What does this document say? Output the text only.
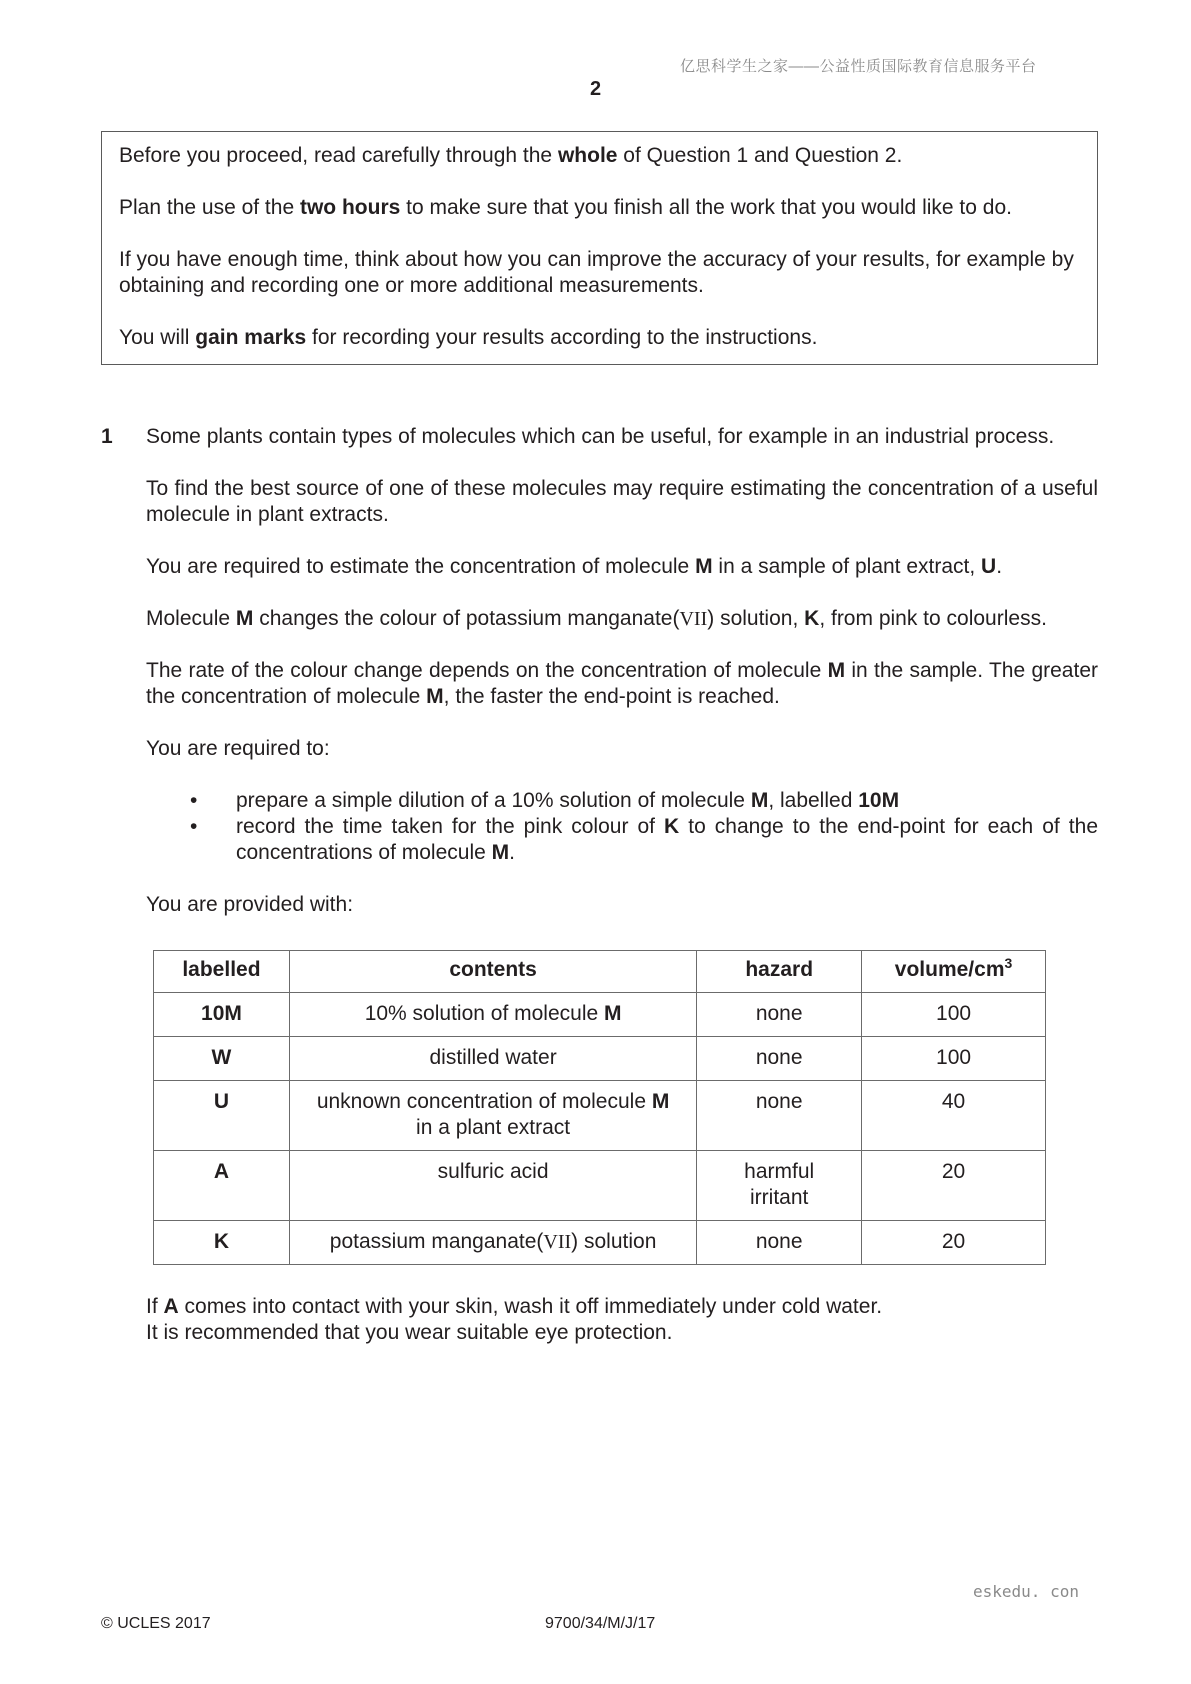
亿思科学生之家——公益性质国际教育信息服务平台
2

Before you proceed, read carefully through the whole of Question 1 and Question 2.

Plan the use of the two hours to make sure that you finish all the work that you would like to do.

If you have enough time, think about how you can improve the accuracy of your results, for example by obtaining and recording one or more additional measurements.

You will gain marks for recording your results according to the instructions.

1 Some plants contain types of molecules which can be useful, for example in an industrial process.

To find the best source of one of these molecules may require estimating the concentration of a useful molecule in plant extracts.

You are required to estimate the concentration of molecule M in a sample of plant extract, U.

Molecule M changes the colour of potassium manganate(VII) solution, K, from pink to colourless.

The rate of the colour change depends on the concentration of molecule M in the sample. The greater the concentration of molecule M, the faster the end-point is reached.

You are required to:

• prepare a simple dilution of a 10% solution of molecule M, labelled 10M
• record the time taken for the pink colour of K to change to the end-point for each of the concentrations of molecule M.

You are provided with:

labelled	contents	hazard	volume/$cm^3$
10M	10% solution of molecule M	none	100
W	distilled water	none	100
U	unknown concentration of molecule M
in a plant extract	none	40
A	sulfuric acid	harmful
irritant	20
K	potassium manganate(VII) solution	none	20
If A comes into contact with your skin, wash it off immediately under cold water.
It is recommended that you wear suitable eye protection.
eskedu. con
© UCLES 2017	9700/34/M/J/17
